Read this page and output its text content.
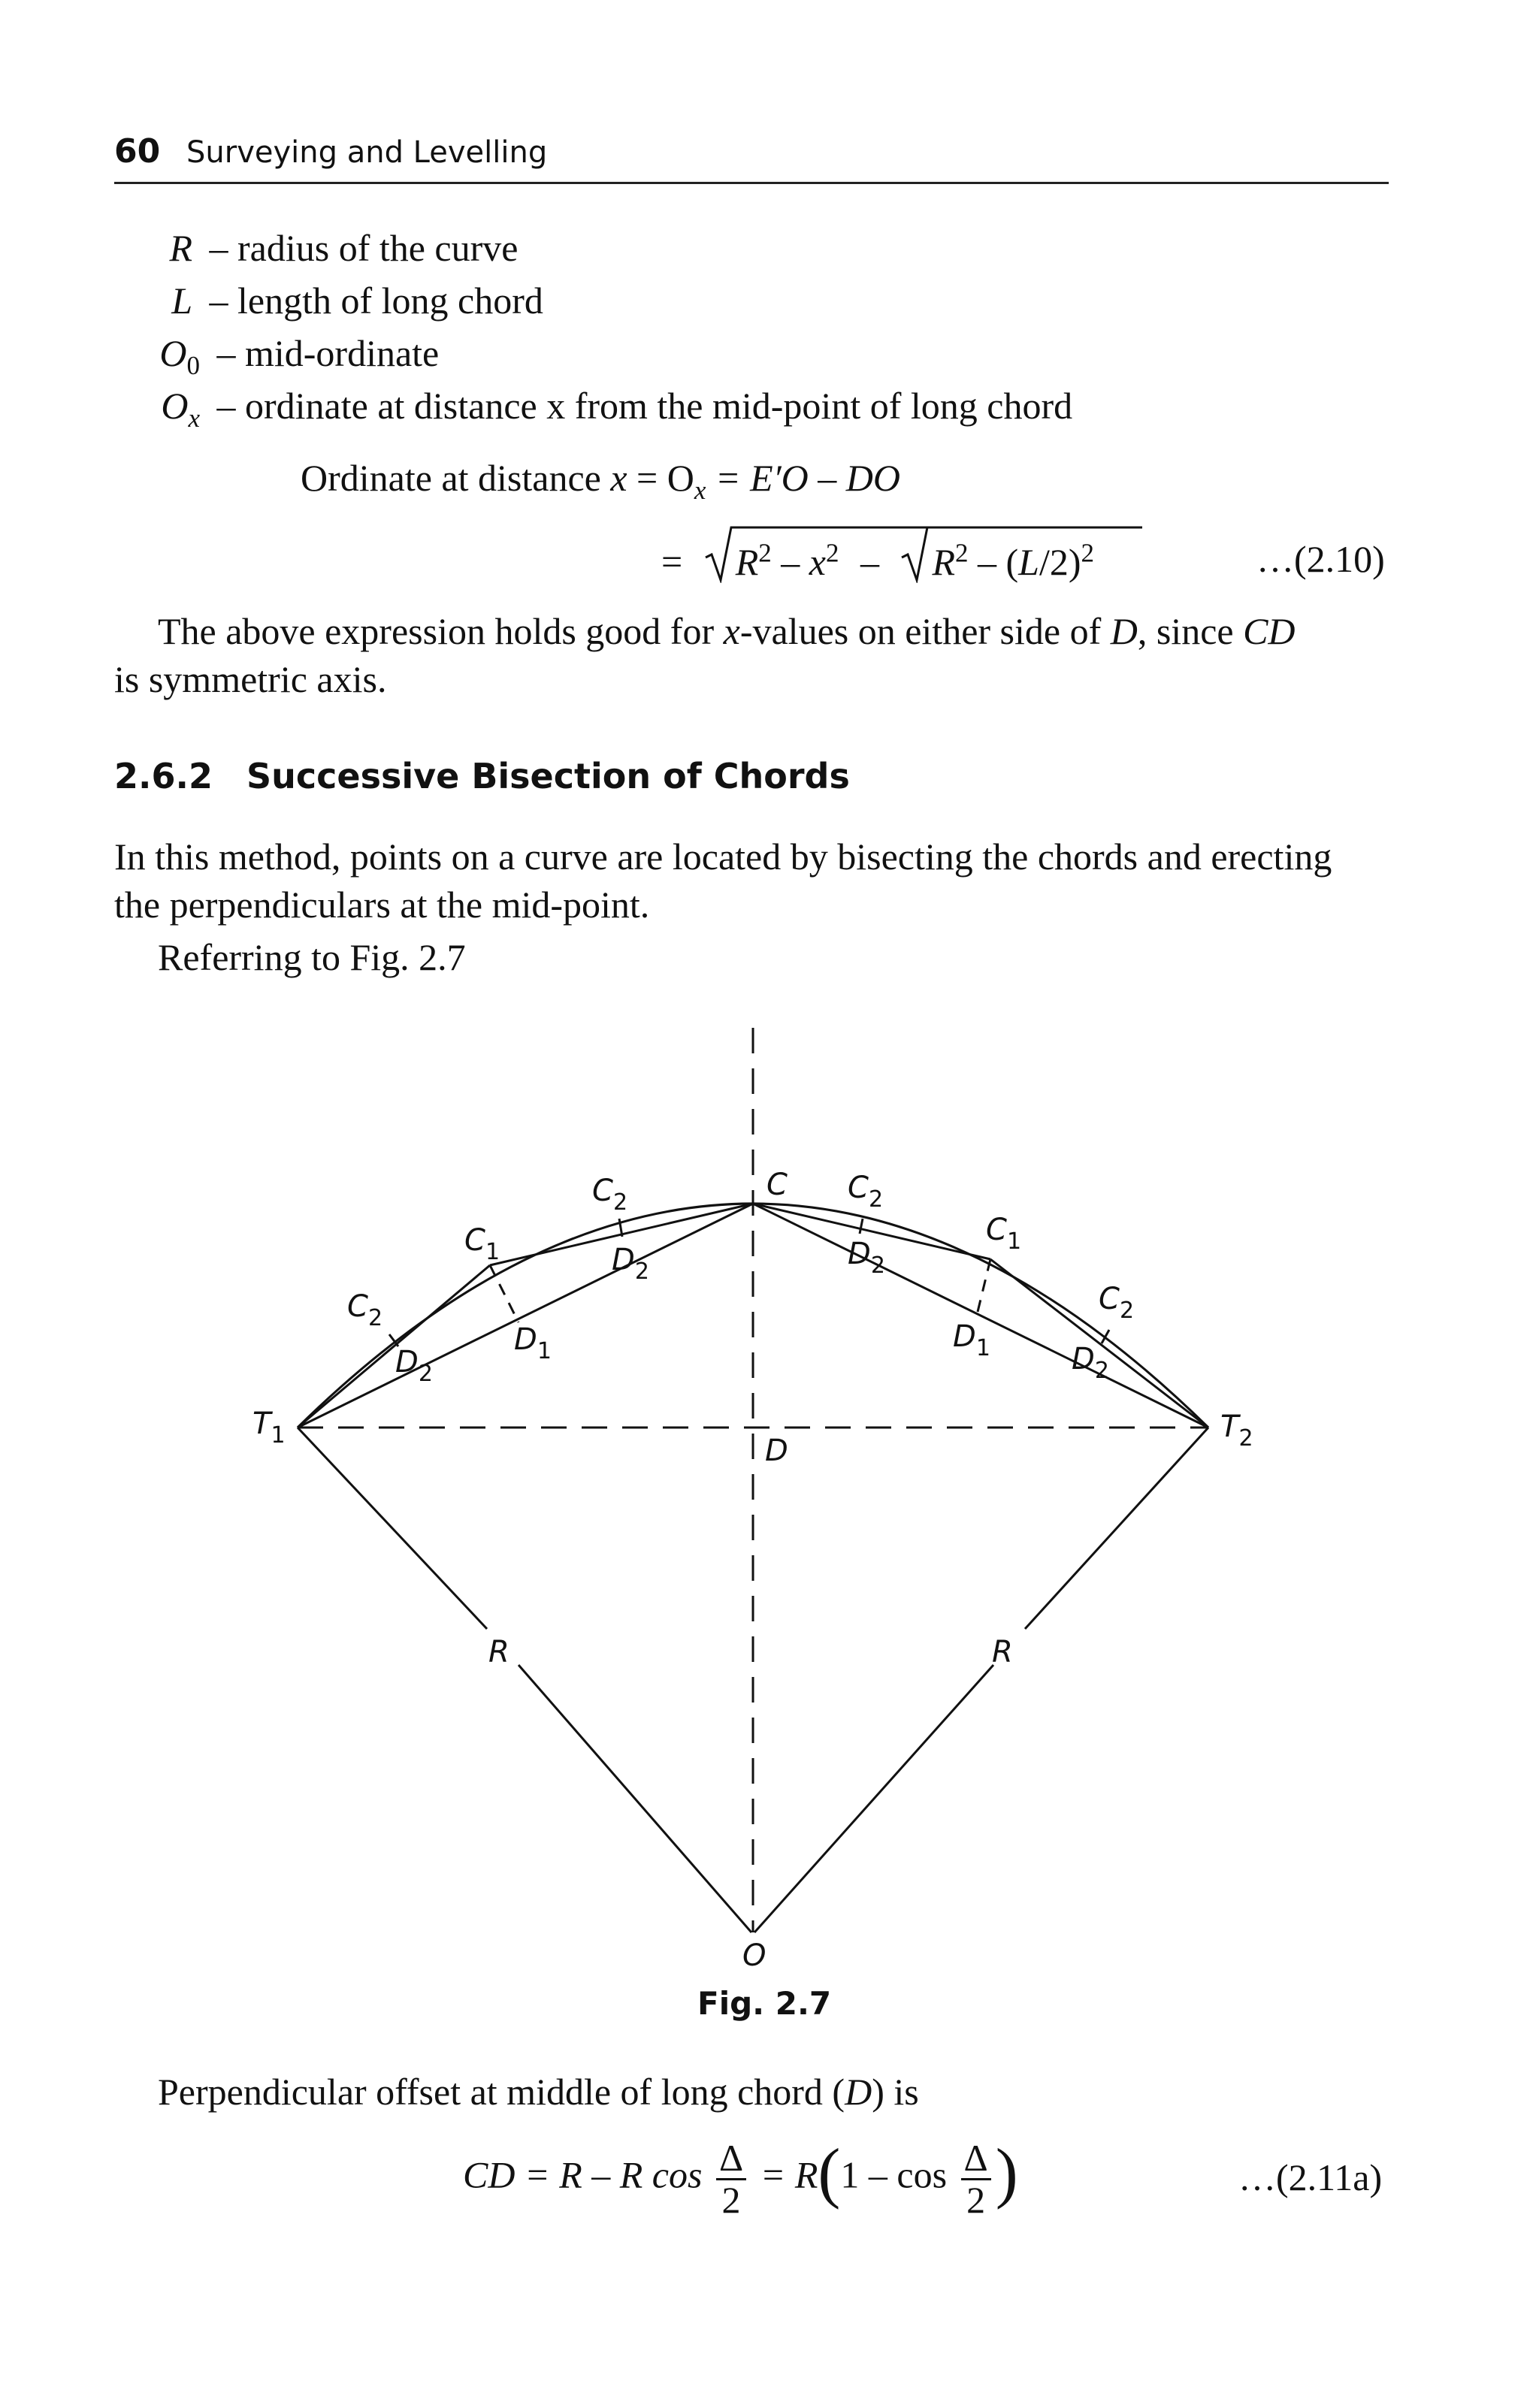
60 Surveying and Levelling
R – radius of the curve
L – length of long chord
$O_0$ – mid-ordinate
$O_x$ – ordinate at distance x from the mid-point of long chord
Ordinate at distance $x = O_x = E'O$ – DO
= $R^2 - x^2 - R^2 - (L/2)^2$	…(2.10)
The above expression holds good for x-values on either side of D, since CD
is symmetric axis.
2.6.2 Successive Bisection of Chords
In this method, points on a curve are located by bisecting the chords and erecting
the perpendiculars at the mid-point.
Referring to Fig. 2.7
C
D
O
R	R
$T_1$	$T_2$
$C_1$
$C_1$
$C_2$	$C_2$
$C_2$
$C_2$
$D_1$	$D_1$
$D_2$
$D_2$
$D_2$
$D_2$
Fig. 2.7
Perpendicular offset at middle of long chord (D) is
CD = R – R $\cos \frac{\Delta}{2} = R(1 - \cos \frac{\Delta}{2}$ )	…(2.11a)
